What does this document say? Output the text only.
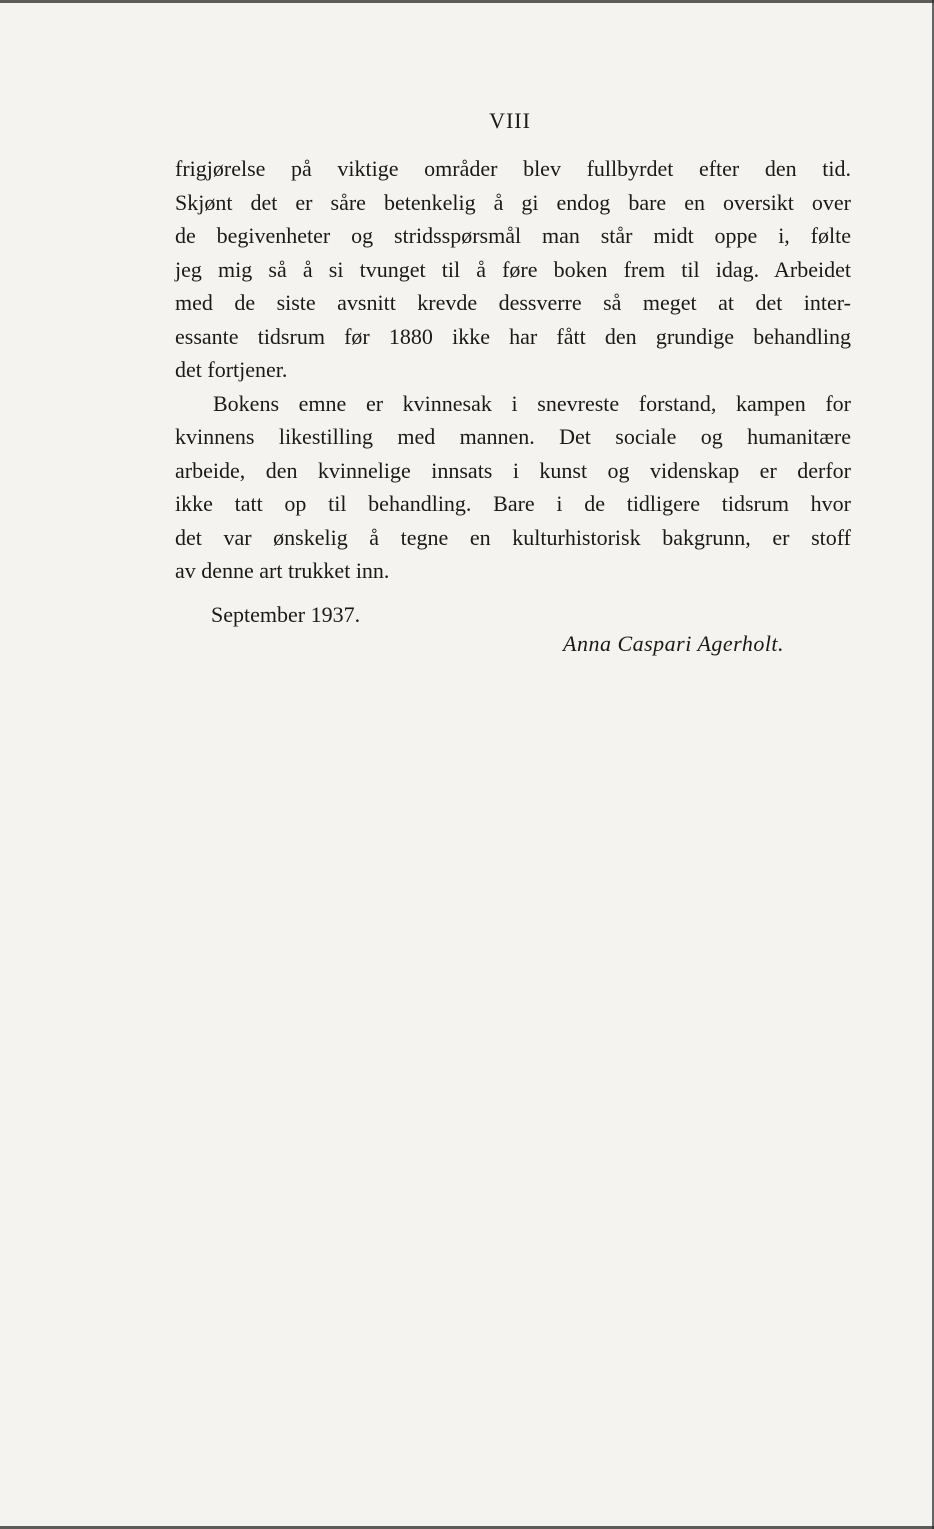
VIII
frigjørelse på viktige områder blev fullbyrdet efter den tid.
Skjønt det er såre betenkelig å gi endog bare en oversikt over
de begivenheter og stridsspørsmål man står midt oppe i, følte
jeg mig så å si tvunget til å føre boken frem til idag. Arbeidet
med de siste avsnitt krevde dessverre så meget at det inter-
essante tidsrum før 1880 ikke har fått den grundige behandling
det fortjener.
Bokens emne er kvinnesak i snevreste forstand, kampen for
kvinnens likestilling med mannen. Det sociale og humanitære
arbeide, den kvinnelige innsats i kunst og videnskap er derfor
ikke tatt op til behandling. Bare i de tidligere tidsrum hvor
det var ønskelig å tegne en kulturhistorisk bakgrunn, er stoff
av denne art trukket inn.
September 1937.
Anna Caspari Agerholt.
